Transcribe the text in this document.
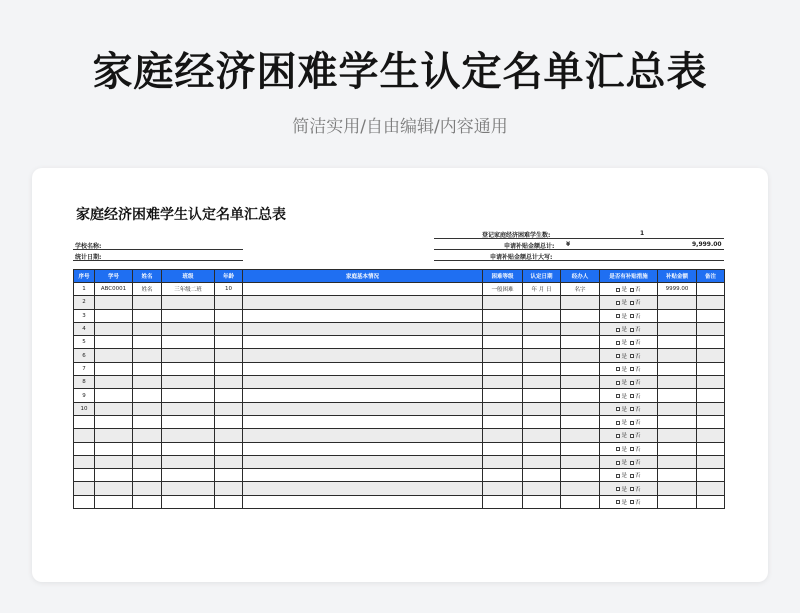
家庭经济困难学生认定名单汇总表
简洁实用/自由编辑/内容通用
家庭经济困难学生认定名单汇总表
登记家庭经济困难学生数:	1
申请补贴金额总计: ¥	9,999.00
申请补贴金额总计大写:
学校名称:
统计日期:
序号	学号	姓名	班级	年龄	家庭基本情况	困难等级	认定日期	经办人	是否有补贴措施	补贴金额	备注
1	ABC0001	姓名	三年级二班	10		一般困难	年 月 日	名字	是 否	9999.00	
2									是 否		
3									是 否		
4									是 否		
5									是 否		
6									是 否		
7									是 否		
8									是 否		
9									是 否		
10									是 否		
									是 否		
									是 否		
									是 否		
									是 否		
									是 否		
									是 否		
									是 否		
